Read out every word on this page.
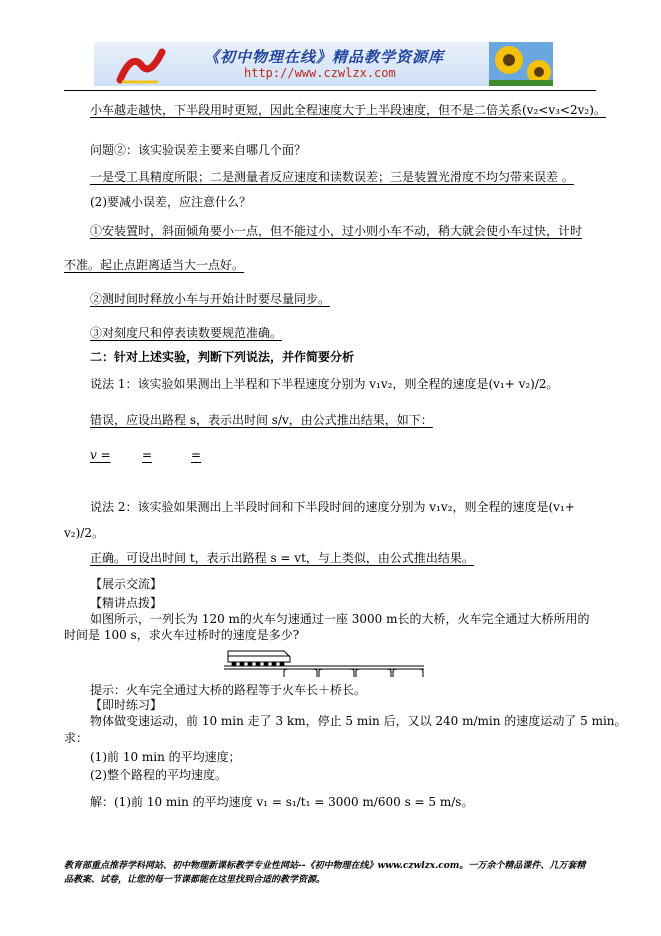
《初中物理在线》精品教学资源库
http://www.czwlzx.com
小车越走越快，下半段用时更短，因此全程速度大于上半段速度，但不是二倍关系(v₂<v₃<2v₂)。
问题②：该实验误差主要来自哪几个面？
一是受工具精度所限；二是测量者反应速度和读数误差；三是装置光滑度不均匀带来误差 。
(2)要减小误差，应注意什么？
①安装置时，斜面倾角要小一点，但不能过小，过小则小车不动，稍大就会使小车过快，计时
不准。起止点距离适当大一点好。
②测时间时释放小车与开始计时要尽量同步。
③对刻度尺和停表读数要规范准确。
二：针对上述实验，判断下列说法，并作简要分析
说法 1：该实验如果测出上半程和下半程速度分别为 v₁v₂，则全程的速度是(v₁+ v₂)/2。
错误，应设出路程 s，表示出时间 s/v，由公式推出结果，如下：
v =	=	=
说法 2：该实验如果测出上半段时间和下半段时间的速度分别为 v₁v₂，则全程的速度是(v₁+
v₂)/2。
正确。可设出时间 t，表示出路程 s = vt，与上类似，由公式推出结果。
【展示交流】
【精讲点拨】
如图所示，一列长为 120 m的火车匀速通过一座 3000 m长的大桥，火车完全通过大桥所用的
时间是 100 s，求火车过桥时的速度是多少?
提示：火车完全通过大桥的路程等于火车长＋桥长。
【即时练习】
物体做变速运动，前 10 min 走了 3 km，停止 5 min 后，又以 240 m/min 的速度运动了 5 min。
求：
(1)前 10 min 的平均速度；
(2)整个路程的平均速度。
解：(1)前 10 min 的平均速度 v₁ = s₁/t₁ = 3000 m/600 s = 5 m/s。
教育部重点推荐学科网站、初中物理新课标教学专业性网站--《初中物理在线》www.czwlzx.com。一万余个精品课件、几万套精品教案、试卷，让您的每一节课都能在这里找到合适的教学资源。
